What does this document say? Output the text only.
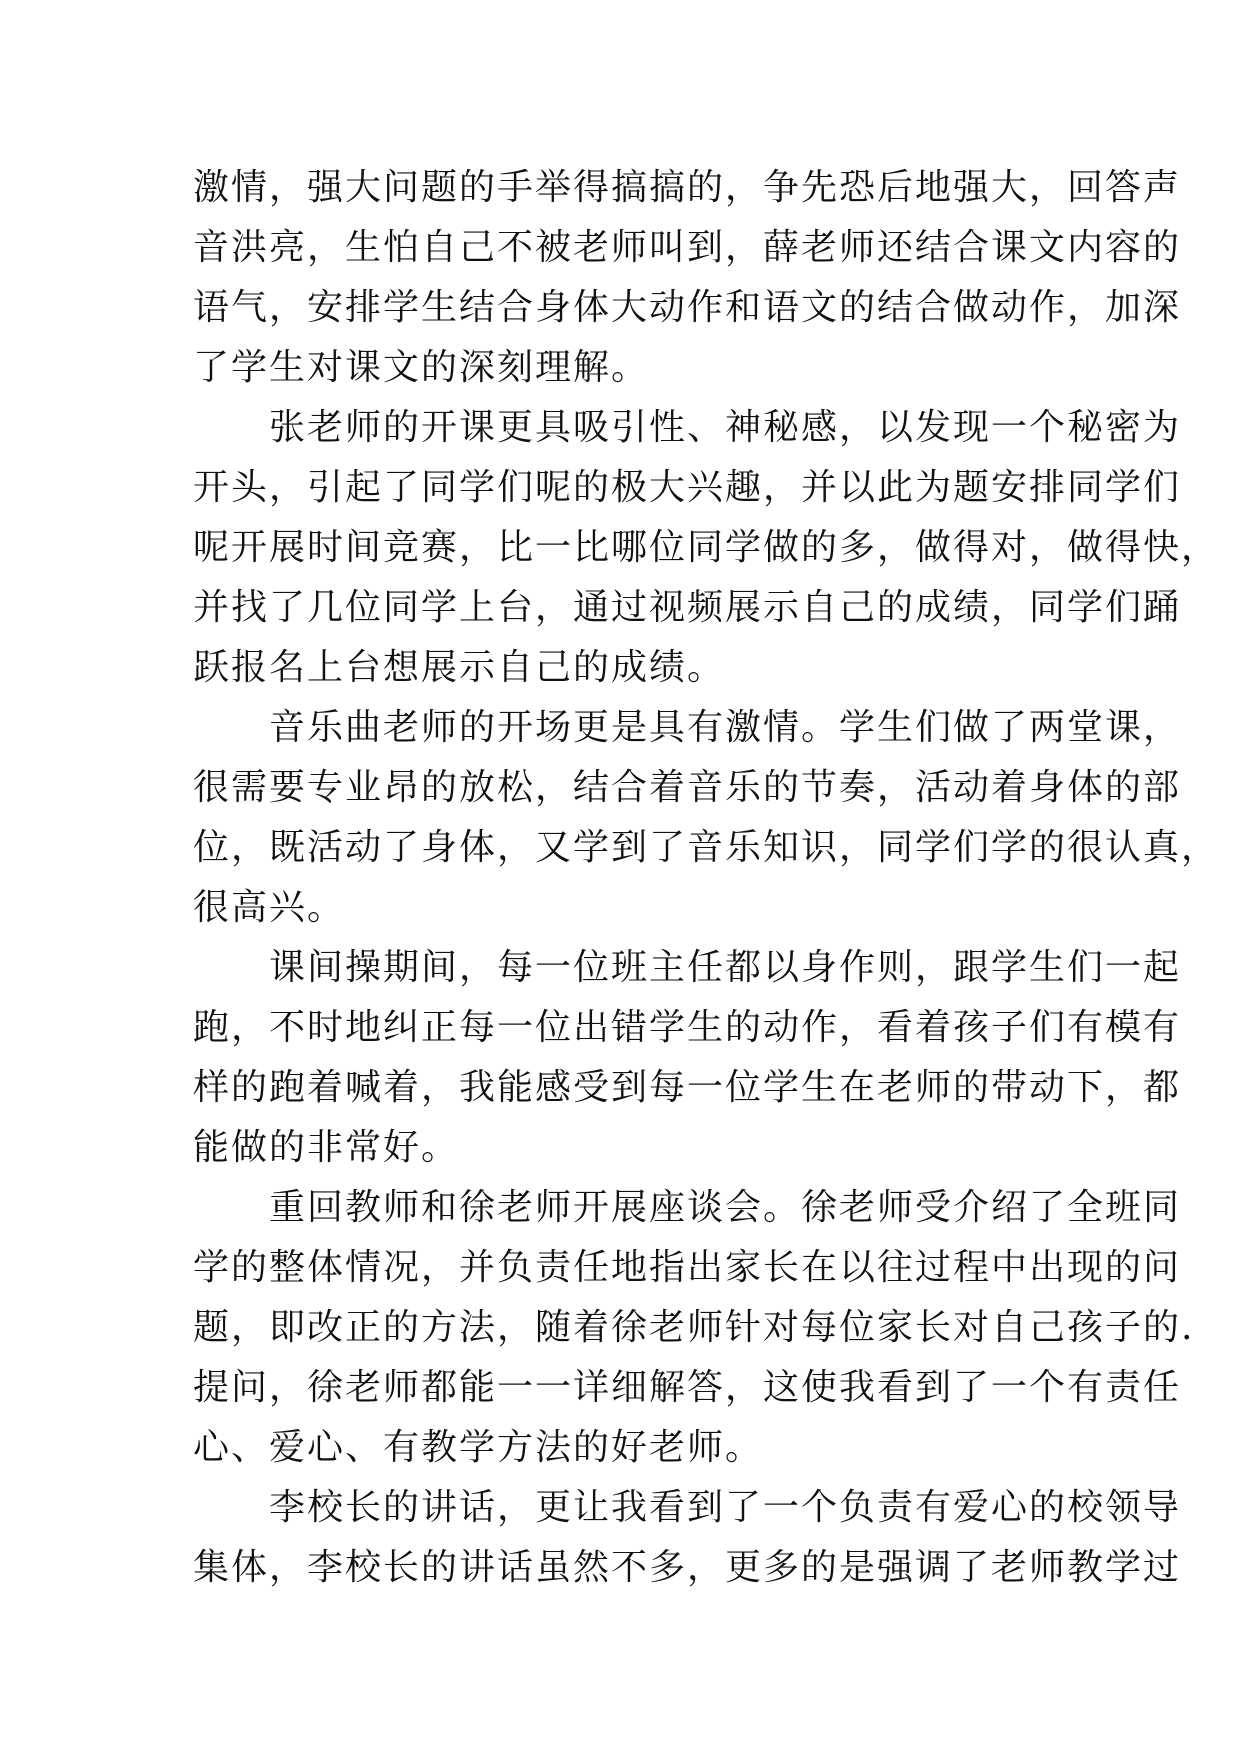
激情，强大问题的手举得搞搞的，争先恐后地强大，回答声
音洪亮，生怕自己不被老师叫到，薛老师还结合课文内容的
语气，安排学生结合身体大动作和语文的结合做动作，加深
了学生对课文的深刻理解。
张老师的开课更具吸引性、神秘感，以发现一个秘密为
开头，引起了同学们呢的极大兴趣，并以此为题安排同学们
呢开展时间竞赛，比一比哪位同学做的多，做得对，做得快，
并找了几位同学上台，通过视频展示自己的成绩，同学们踊
跃报名上台想展示自己的成绩。
音乐曲老师的开场更是具有激情。学生们做了两堂课，
很需要专业昂的放松，结合着音乐的节奏，活动着身体的部
位，既活动了身体，又学到了音乐知识，同学们学的很认真，
很高兴。
课间操期间，每一位班主任都以身作则，跟学生们一起
跑，不时地纠正每一位出错学生的动作，看着孩子们有模有
样的跑着喊着，我能感受到每一位学生在老师的带动下，都
能做的非常好。
重回教师和徐老师开展座谈会。徐老师受介绍了全班同
学的整体情况，并负责任地指出家长在以往过程中出现的问
题，即改正的方法，随着徐老师针对每位家长对自己孩子的.
提问，徐老师都能一一详细解答，这使我看到了一个有责任
心、爱心、有教学方法的好老师。
李校长的讲话，更让我看到了一个负责有爱心的校领导
集体，李校长的讲话虽然不多，更多的是强调了老师教学过
